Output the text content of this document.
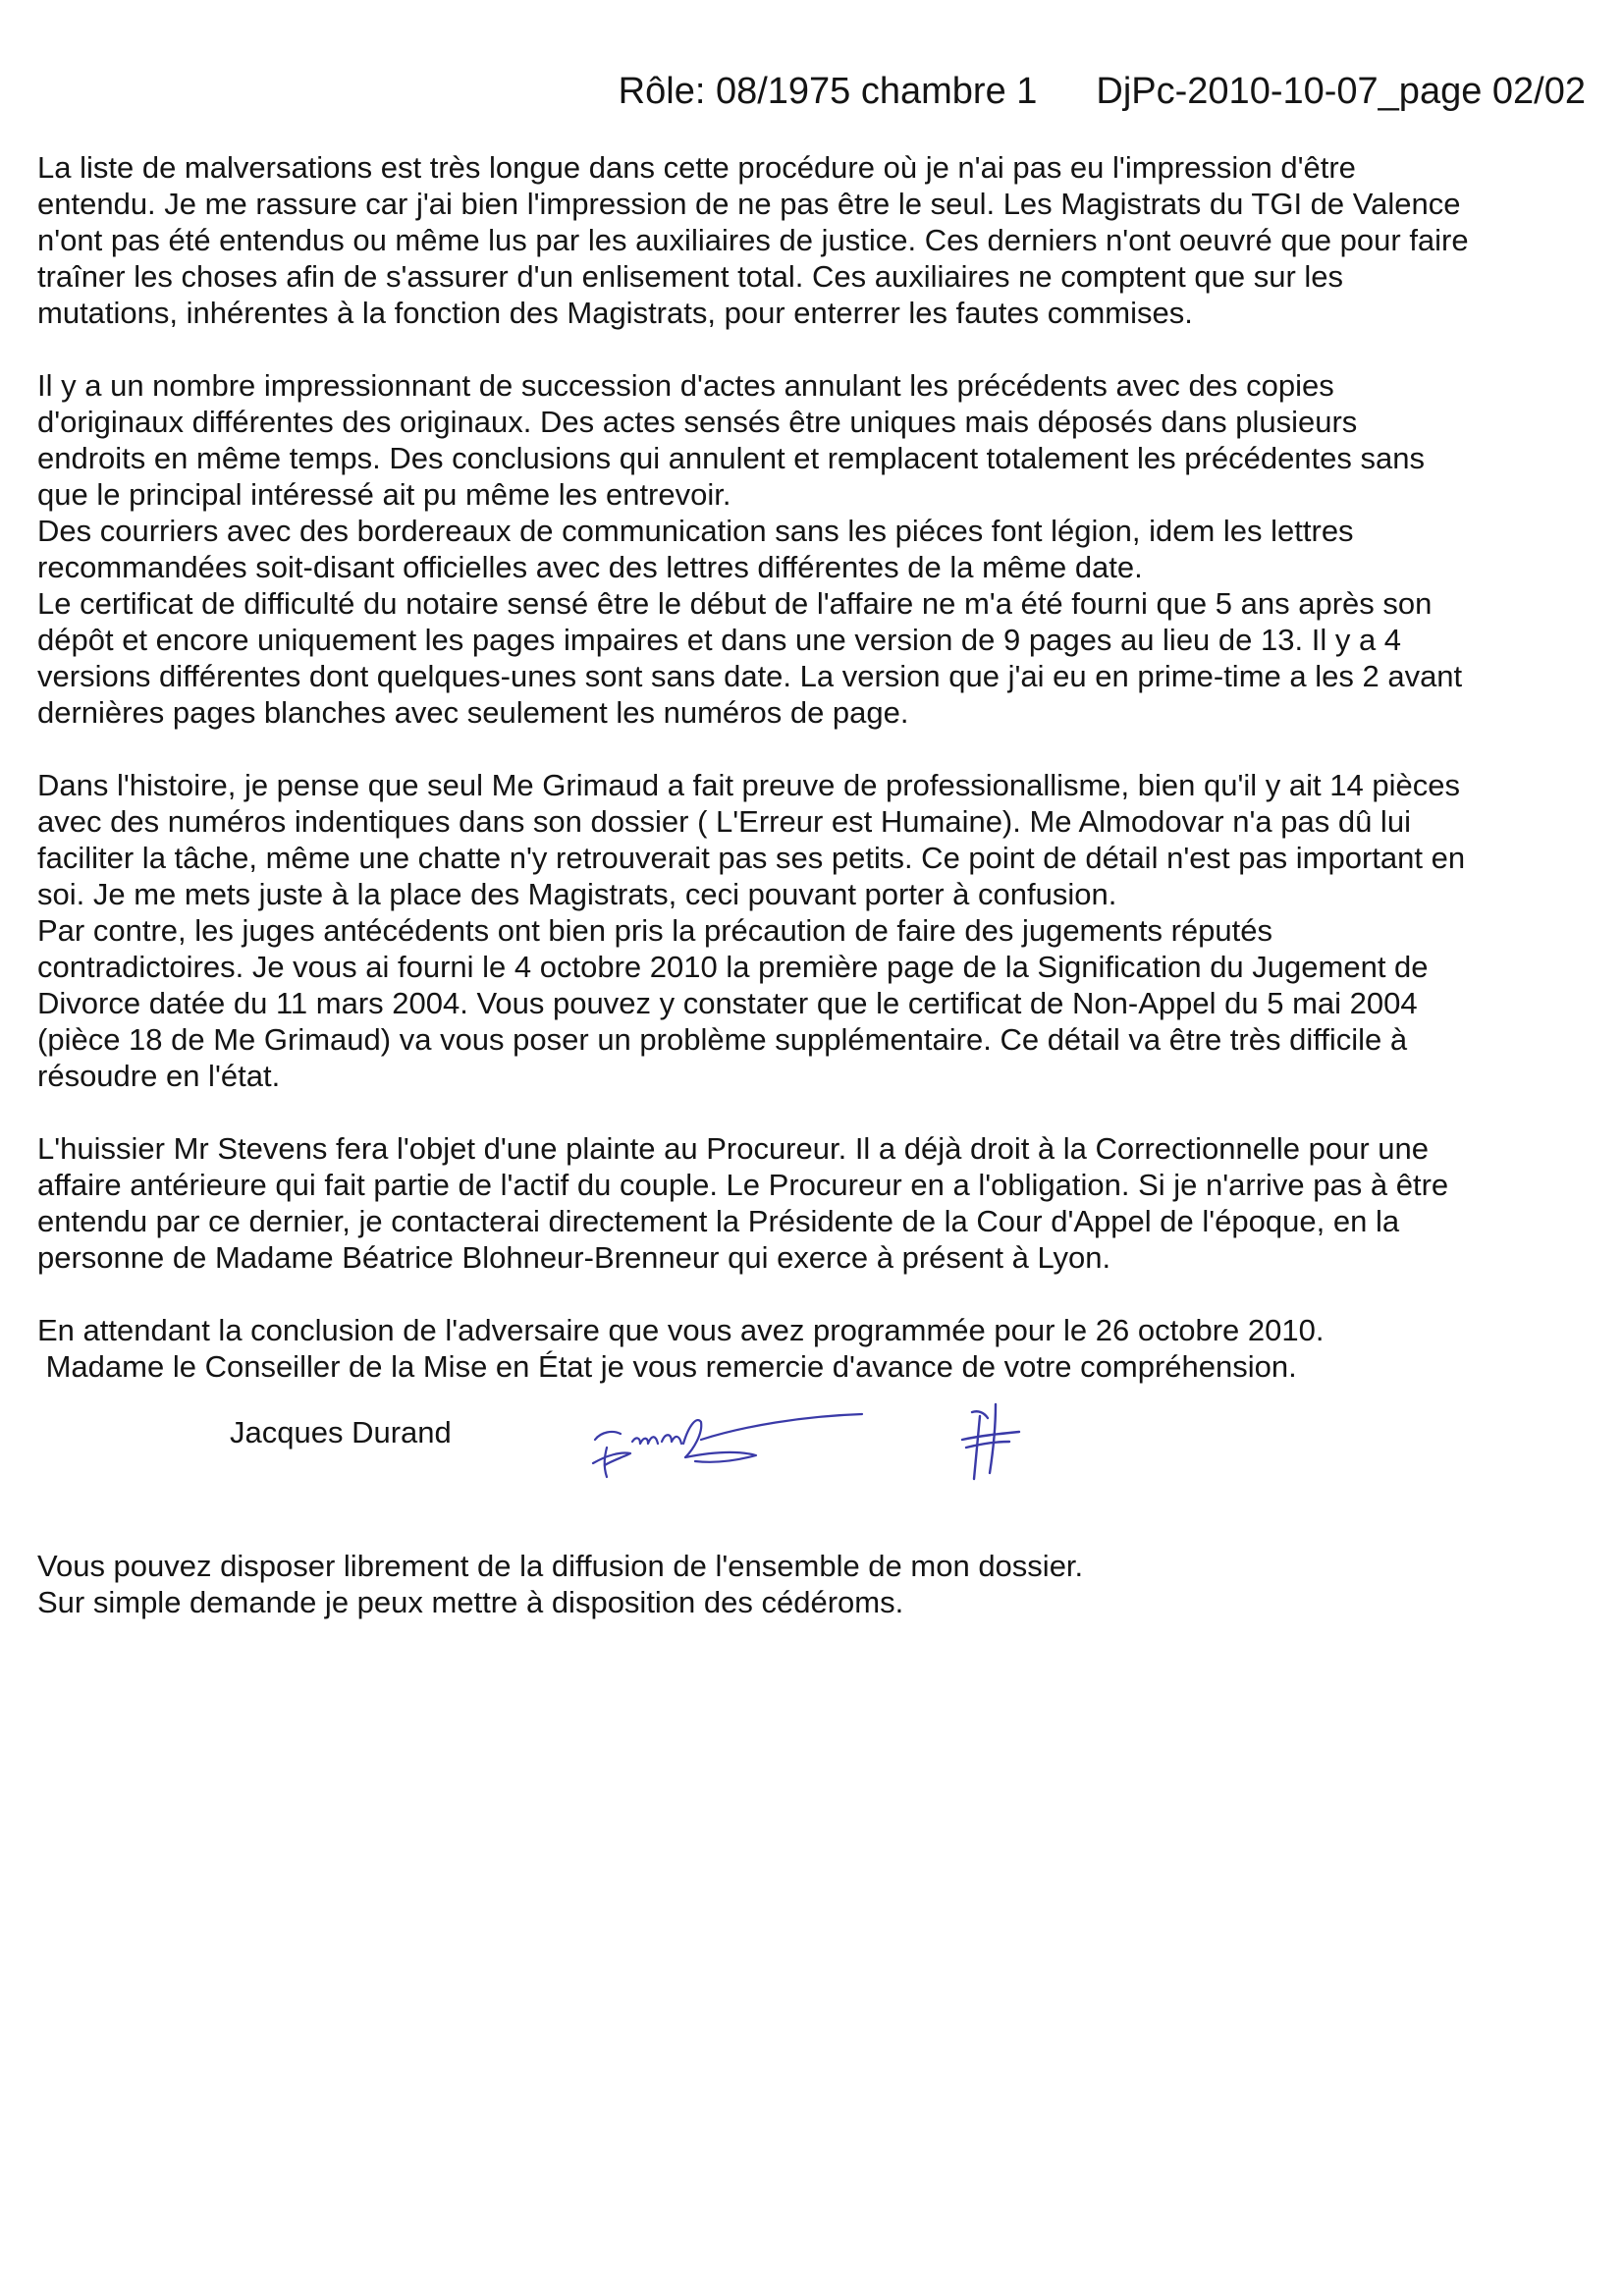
Rôle: 08/1975 chambre 1 DjPc-2010-10-07_page 02/02
La liste de malversations est très longue dans cette procédure où je n'ai pas eu l'impression d'être
entendu. Je me rassure car j'ai bien l'impression de ne pas être le seul. Les Magistrats du TGI de Valence
n'ont pas été entendus ou même lus par les auxiliaires de justice. Ces derniers n'ont oeuvré que pour faire
traîner les choses afin de s'assurer d'un enlisement total. Ces auxiliaires ne comptent que sur les
mutations, inhérentes à la fonction des Magistrats, pour enterrer les fautes commises.
Il y a un nombre impressionnant de succession d'actes annulant les précédents avec des copies
d'originaux différentes des originaux. Des actes sensés être uniques mais déposés dans plusieurs
endroits en même temps. Des conclusions qui annulent et remplacent totalement les précédentes sans
que le principal intéressé ait pu même les entrevoir.
Des courriers avec des bordereaux de communication sans les piéces font légion, idem les lettres
recommandées soit-disant officielles avec des lettres différentes de la même date.
Le certificat de difficulté du notaire sensé être le début de l'affaire ne m'a été fourni que 5 ans après son
dépôt et encore uniquement les pages impaires et dans une version de 9 pages au lieu de 13. Il y a 4
versions différentes dont quelques-unes sont sans date. La version que j'ai eu en prime-time a les 2 avant
dernières pages blanches avec seulement les numéros de page.
Dans l'histoire, je pense que seul Me Grimaud a fait preuve de professionallisme, bien qu'il y ait 14 pièces
avec des numéros indentiques dans son dossier ( L'Erreur est Humaine). Me Almodovar n'a pas dû lui
faciliter la tâche, même une chatte n'y retrouverait pas ses petits. Ce point de détail n'est pas important en
soi. Je me mets juste à la place des Magistrats, ceci pouvant porter à confusion.
Par contre, les juges antécédents ont bien pris la précaution de faire des jugements réputés
contradictoires. Je vous ai fourni le 4 octobre 2010 la première page de la Signification du Jugement de
Divorce datée du 11 mars 2004. Vous pouvez y constater que le certificat de Non-Appel du 5 mai 2004
(pièce 18 de Me Grimaud) va vous poser un problème supplémentaire. Ce détail va être très difficile à
résoudre en l'état.
L'huissier Mr Stevens fera l'objet d'une plainte au Procureur. Il a déjà droit à la Correctionnelle pour une
affaire antérieure qui fait partie de l'actif du couple. Le Procureur en a l'obligation. Si je n'arrive pas à être
entendu par ce dernier, je contacterai directement la Présidente de la Cour d'Appel de l'époque, en la
personne de Madame Béatrice Blohneur-Brenneur qui exerce à présent à Lyon.
En attendant la conclusion de l'adversaire que vous avez programmée pour le 26 octobre 2010.
Madame le Conseiller de la Mise en État je vous remercie d'avance de votre compréhension.
Jacques Durand
Vous pouvez disposer librement de la diffusion de l'ensemble de mon dossier.
Sur simple demande je peux mettre à disposition des cédéroms.
